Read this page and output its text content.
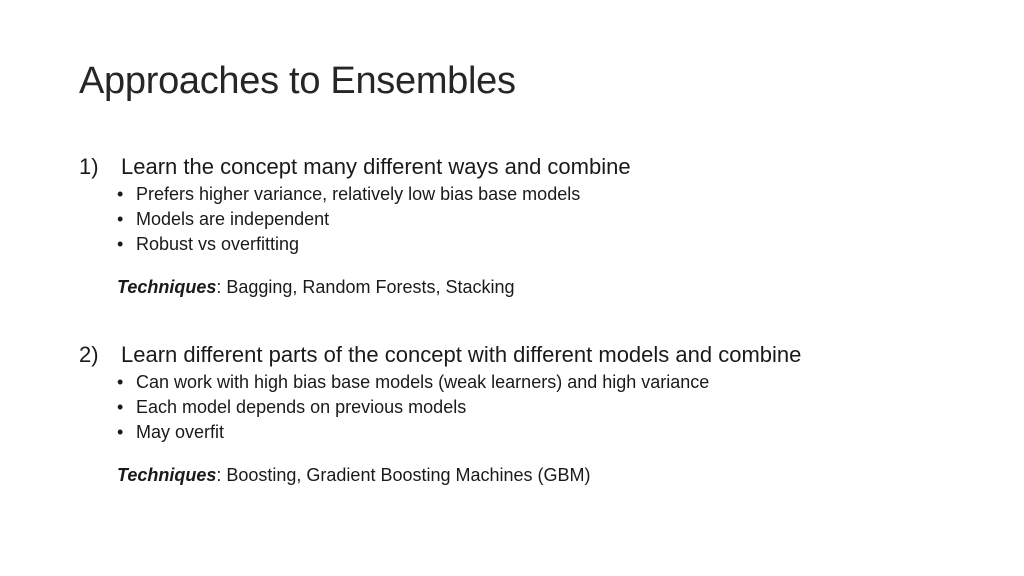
Approaches to Ensembles
1) Learn the concept many different ways and combine
• Prefers higher variance, relatively low bias base models
• Models are independent
• Robust vs overfitting
Techniques: Bagging, Random Forests, Stacking
2) Learn different parts of the concept with different models and combine
• Can work with high bias base models (weak learners) and high variance
• Each model depends on previous models
• May overfit
Techniques: Boosting, Gradient Boosting Machines (GBM)
